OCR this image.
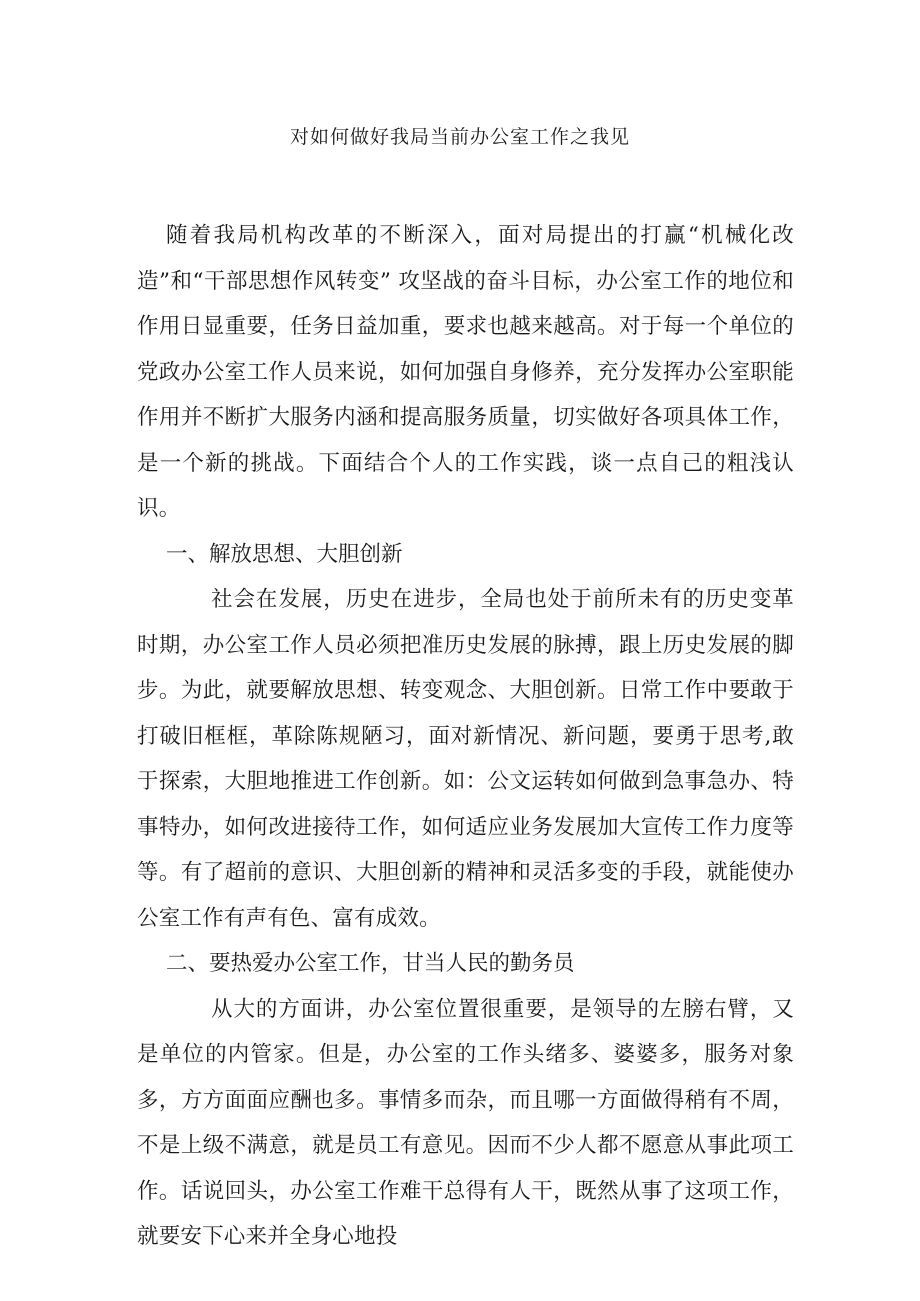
对如何做好我局当前办公室工作之我见

随着我局机构改革的不断深入，面对局提出的打赢“机械化改造”和“干部思想作风转变” 攻坚战的奋斗目标，办公室工作的地位和作用日显重要，任务日益加重，要求也越来越高。对于每一个单位的党政办公室工作人员来说，如何加强自身修养，充分发挥办公室职能作用并不断扩大服务内涵和提高服务质量，切实做好各项具体工作，是一个新的挑战。下面结合个人的工作实践，谈一点自己的粗浅认识。

一、解放思想、大胆创新

社会在发展，历史在进步，全局也处于前所未有的历史变革时期，办公室工作人员必须把准历史发展的脉搏，跟上历史发展的脚步。为此，就要解放思想、转变观念、大胆创新。日常工作中要敢于打破旧框框，革除陈规陋习，面对新情况、新问题，要勇于思考,敢于探索，大胆地推进工作创新。如：公文运转如何做到急事急办、特事特办，如何改进接待工作，如何适应业务发展加大宣传工作力度等等。有了超前的意识、大胆创新的精神和灵活多变的手段，就能使办公室工作有声有色、富有成效。

二、要热爱办公室工作，甘当人民的勤务员

从大的方面讲，办公室位置很重要，是领导的左膀右臂，又是单位的内管家。但是，办公室的工作头绪多、婆婆多，服务对象多，方方面面应酬也多。事情多而杂，而且哪一方面做得稍有不周，不是上级不满意，就是员工有意见。因而不少人都不愿意从事此项工作。话说回头，办公室工作难干总得有人干，既然从事了这项工作，就要安下心来并全身心地投
